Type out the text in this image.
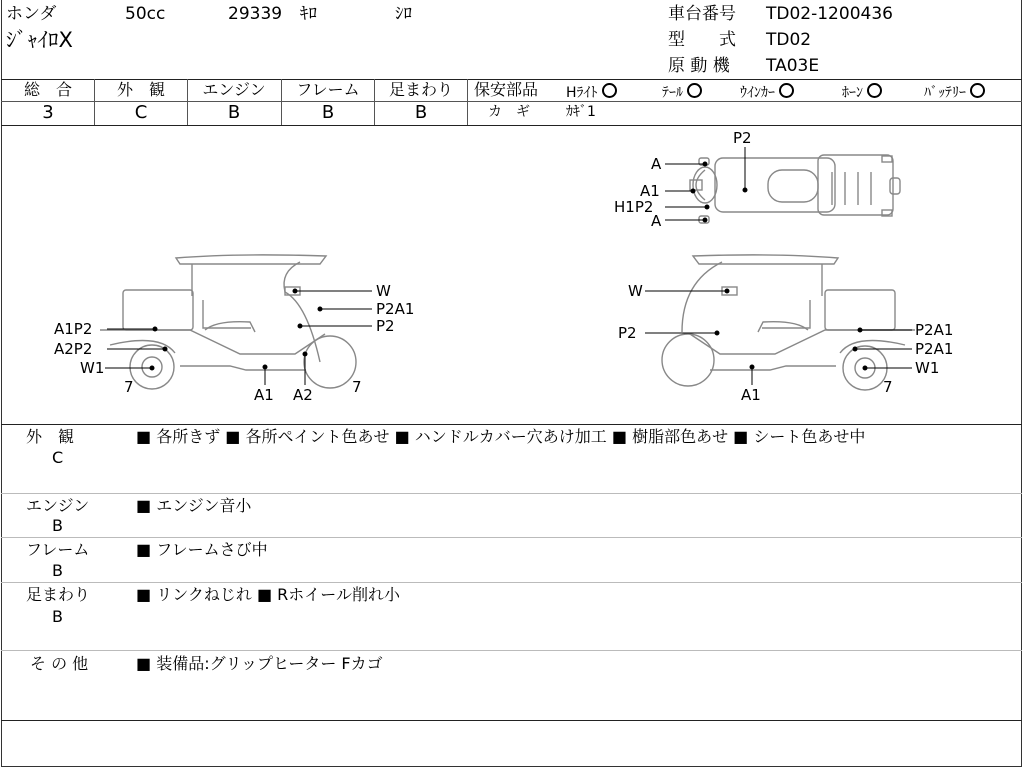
ホンダ	50cc	29339 ｷﾛ	ｼﾛ
ｼﾞｬｲﾛX
車台番号 TD02-1200436
型　　式 TD02
原 動 機 TA03E
総　合	外　観	エンジン	フレーム	足まわり
3	C	B	B	B
保安部品 Hﾗｲﾄ	ﾃｰﾙ	ｳｲﾝｶｰ	ﾎｰﾝ	ﾊﾞｯﾃﾘｰ
カ　ギ	ｶｷﾞ1
P2
A
A1
H1P2
A
W
P2A1
P2
A1P2
A2P2
W1
7	A1 A2	7
W
P2	P2A1
P2A1
W1
7
A1
外　観
C
■ 各所きず ■ 各所ペイント色あせ ■ ハンドルカバー穴あけ加工 ■ 樹脂部色あせ ■ シート色あせ中
エンジン
B
■ エンジン音小
フレーム
B
■ フレームさび中
足まわり
B
■ リンクねじれ ■ Rホイール削れ小
そ の 他	■ 装備品:グリップヒーター Fカゴ
